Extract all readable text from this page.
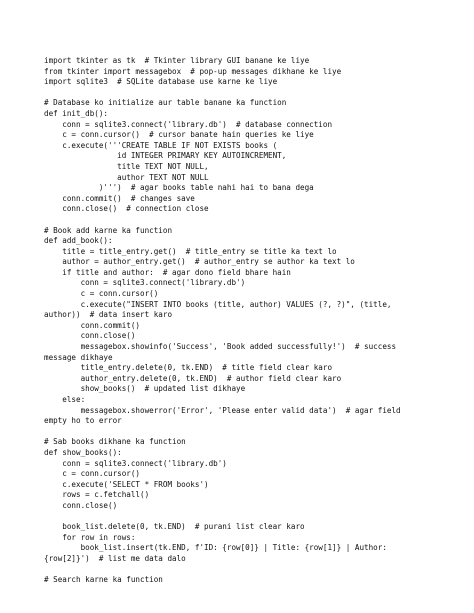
import tkinter as tk  # Tkinter library GUI banane ke liye
from tkinter import messagebox  # pop-up messages dikhane ke liye
import sqlite3  # SQLite database use karne ke liye
# Database ko initialize aur table banane ka function
def init_db():
conn = sqlite3.connect('library.db')  # database connection
c = conn.cursor()  # cursor banate hain queries ke liye
c.execute('''CREATE TABLE IF NOT EXISTS books (
id INTEGER PRIMARY KEY AUTOINCREMENT,
title TEXT NOT NULL,
author TEXT NOT NULL
)''')  # agar books table nahi hai to bana dega
conn.commit()  # changes save
conn.close()  # connection close
# Book add karne ka function
def add_book():
title = title_entry.get()  # title_entry se title ka text lo
author = author_entry.get()  # author_entry se author ka text lo
if title and author:  # agar dono field bhare hain
conn = sqlite3.connect('library.db')
c = conn.cursor()
c.execute("INSERT INTO books (title, author) VALUES (?, ?)", (title,
author))  # data insert karo
conn.commit()
conn.close()
messagebox.showinfo('Success', 'Book added successfully!')  # success
message dikhaye
title_entry.delete(0, tk.END)  # title field clear karo
author_entry.delete(0, tk.END)  # author field clear karo
show_books()  # updated list dikhaye
else:
messagebox.showerror('Error', 'Please enter valid data')  # agar field
empty ho to error
# Sab books dikhane ka function
def show_books():
conn = sqlite3.connect('library.db')
c = conn.cursor()
c.execute('SELECT * FROM books')
rows = c.fetchall()
conn.close()
book_list.delete(0, tk.END)  # purani list clear karo
for row in rows:
book_list.insert(tk.END, f'ID: {row[0]} | Title: {row[1]} | Author:
{row[2]}')  # list me data dalo
# Search karne ka function
